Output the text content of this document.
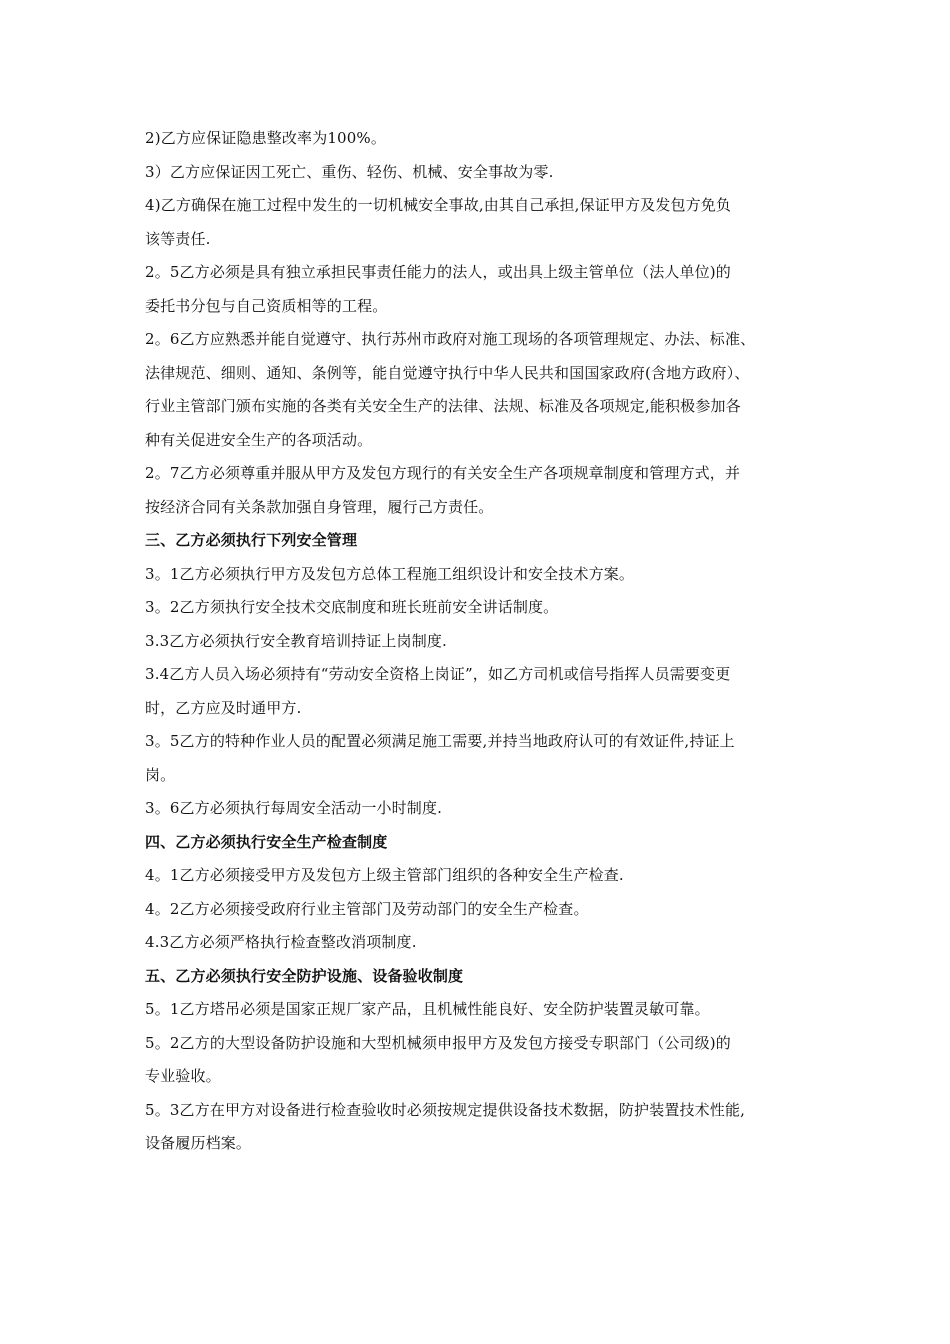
2)乙方应保证隐患整改率为100%。
3）乙方应保证因工死亡、重伤、轻伤、机械、安全事故为零.
4)乙方确保在施工过程中发生的一切机械安全事故,由其自己承担,保证甲方及发包方免负
该等责任.
2。5乙方必须是具有独立承担民事责任能力的法人，或出具上级主管单位（法人单位)的
委托书分包与自己资质相等的工程。
2。6乙方应熟悉并能自觉遵守、执行苏州市政府对施工现场的各项管理规定、办法、标准、
法律规范、细则、通知、条例等，能自觉遵守执行中华人民共和国国家政府(含地方政府）、
行业主管部门颁布实施的各类有关安全生产的法律、法规、标准及各项规定,能积极参加各
种有关促进安全生产的各项活动。
2。7乙方必须尊重并服从甲方及发包方现行的有关安全生产各项规章制度和管理方式，并
按经济合同有关条款加强自身管理，履行己方责任。
三、乙方必须执行下列安全管理
3。1乙方必须执行甲方及发包方总体工程施工组织设计和安全技术方案。
3。2乙方须执行安全技术交底制度和班长班前安全讲话制度。
3.3乙方必须执行安全教育培训持证上岗制度.
3.4乙方人员入场必须持有“劳动安全资格上岗证”，如乙方司机或信号指挥人员需要变更
时，乙方应及时通甲方.
3。5乙方的特种作业人员的配置必须满足施工需要,并持当地政府认可的有效证件,持证上
岗。
3。6乙方必须执行每周安全活动一小时制度.
四、乙方必须执行安全生产检查制度
4。1乙方必须接受甲方及发包方上级主管部门组织的各种安全生产检查.
4。2乙方必须接受政府行业主管部门及劳动部门的安全生产检查。
4.3乙方必须严格执行检查整改消项制度.
五、乙方必须执行安全防护设施、设备验收制度
5。1乙方塔吊必须是国家正规厂家产品，且机械性能良好、安全防护装置灵敏可靠。
5。2乙方的大型设备防护设施和大型机械须申报甲方及发包方接受专职部门（公司级)的
专业验收。
5。3乙方在甲方对设备进行检查验收时必须按规定提供设备技术数据，防护装置技术性能,
设备履历档案。
